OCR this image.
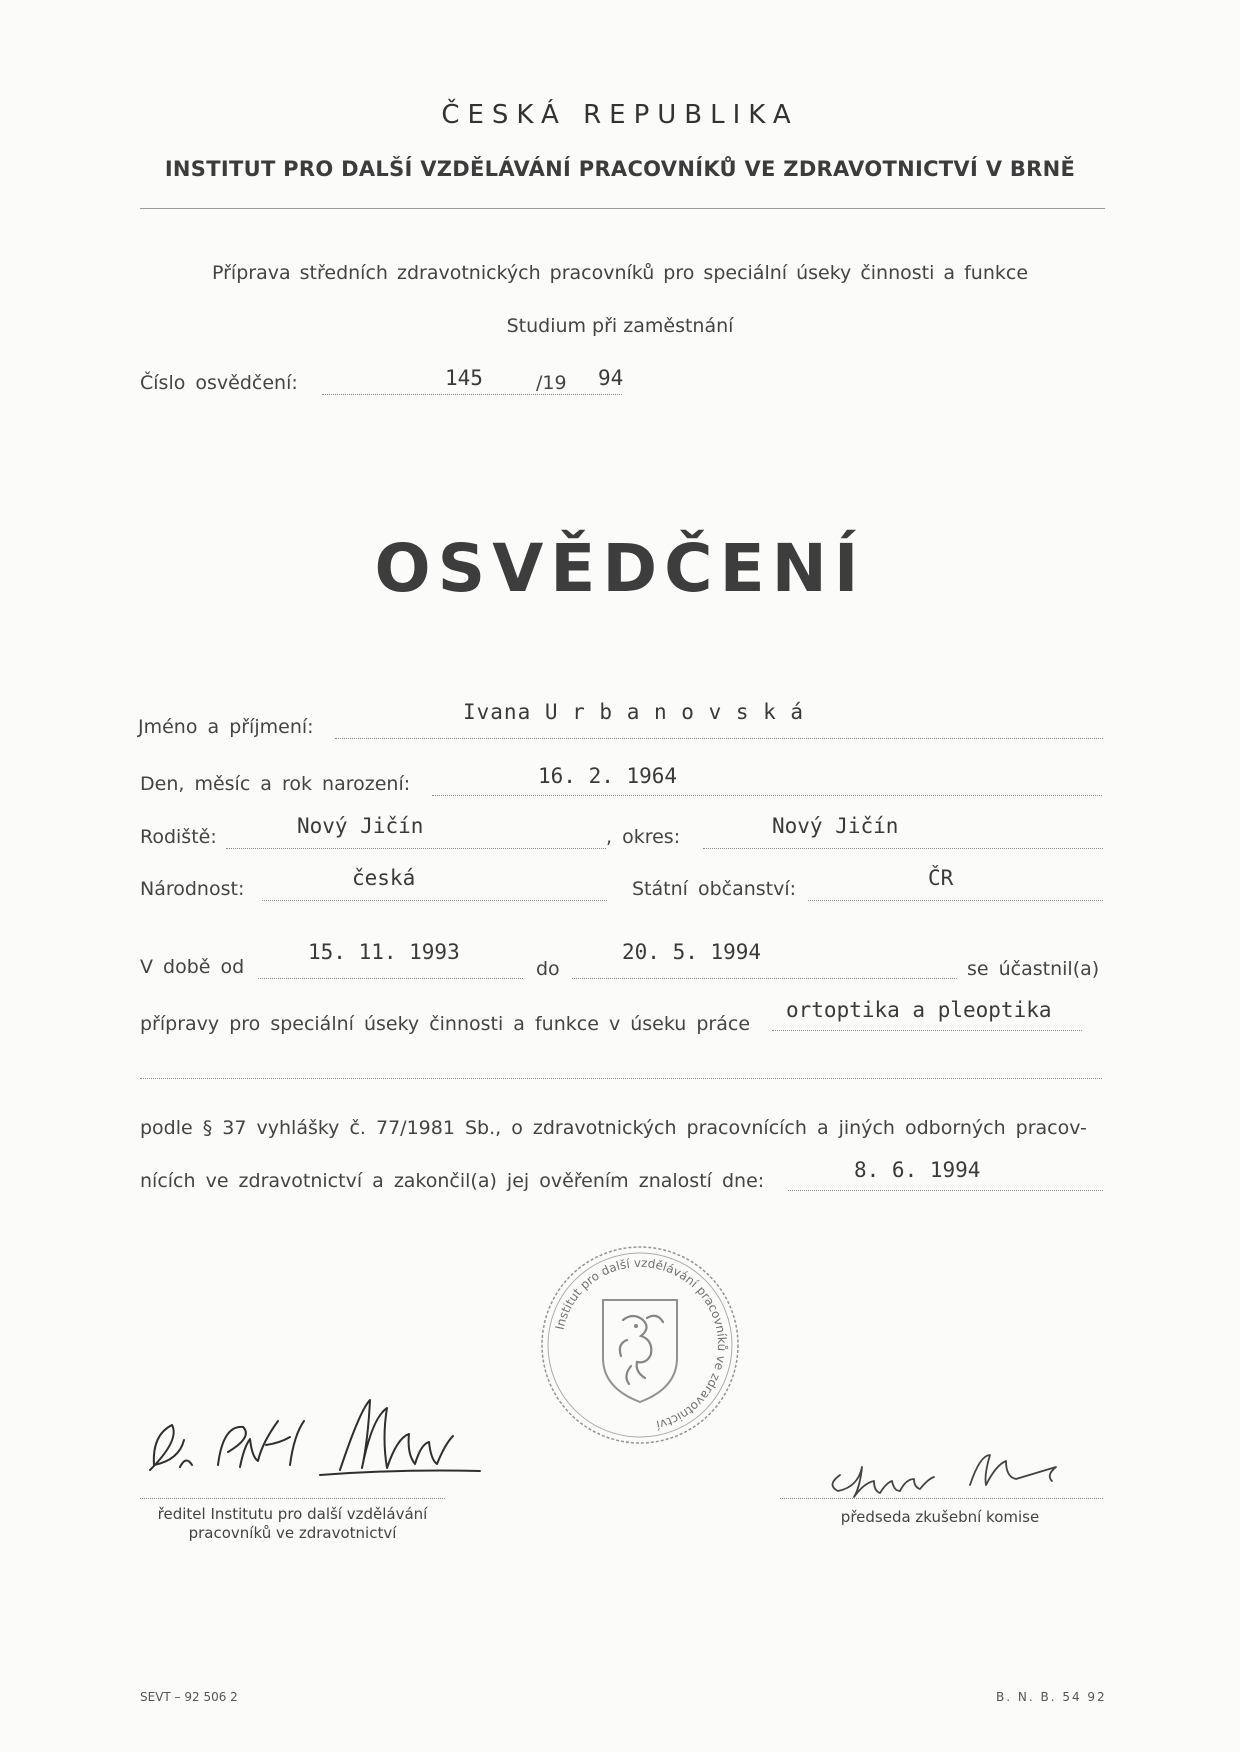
ČESKÁ REPUBLIKA
INSTITUT PRO DALŠÍ VZDĚLÁVÁNÍ PRACOVNÍKŮ VE ZDRAVOTNICTVÍ V BRNĚ
Příprava středních zdravotnických pracovníků pro speciální úseky činnosti a funkce
Studium při zaměstnání
Číslo osvědčení:	145	/19 94
OSVĚDČENÍ
Jméno a příjmení:
Ivana U r b a n o v s k á
Den, měsíc a rok narození:	16. 2. 1964
Rodiště:	Nový Jičín	, okres:	Nový Jičín
Národnost:	česká	Státní občanství:	ČR
V době od
15. 11. 1993
do
20. 5. 1994
se účastnil(a)
přípravy pro speciální úseky činnosti a funkce v úseku práce
ortoptika a pleoptika
podle § 37 vyhlášky č. 77/1981 Sb., o zdravotnických pracovnících a jiných odborných pracov-
nících ve zdravotnictví a zakončil(a) jej ověřením znalostí dne:	8. 6. 1994
Institut pro další vzdělávání pracovníků ve zdravotnictví
ředitel Institutu pro další vzdělávání
pracovníků ve zdravotnictví
předseda zkušební komise
SEVT – 92 506 2	B. N. B. 54 92
